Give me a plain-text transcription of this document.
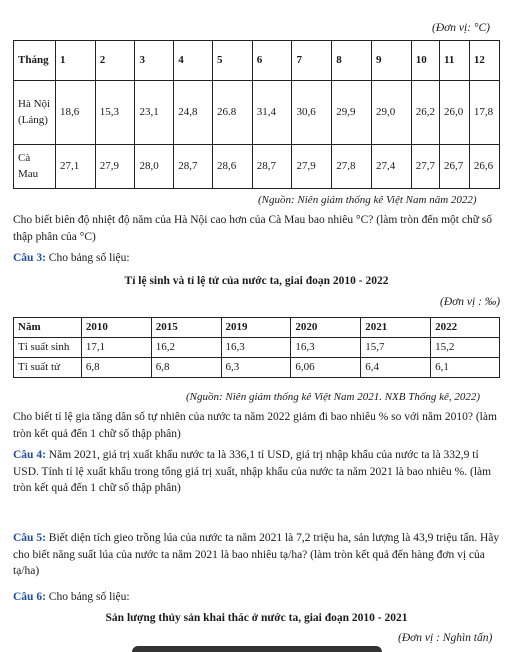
(Đơn vị: °C)
Tháng	1	2	3	4	5	6	7	8	9	10	11	12
Hà Nội (Láng)	18,6	15,3	23,1	24,8	26.8	31,4	30,6	29,9	29,0	26,2	26,0	17,8
Cà Mau	27,1	27,9	28,0	28,7	28,6	28,7	27,9	27,8	27,4	27,7	26,7	26,6
(Nguồn: Niên giám thống kê Việt Nam năm 2022)
Cho biết biên độ nhiệt độ năm của Hà Nội cao hơn của Cà Mau bao nhiêu °C? (làm tròn đến một chữ số thập phân của °C)
Câu 3: Cho bảng số liệu:
Tỉ lệ sinh và tỉ lệ tử của nước ta, giai đoạn 2010 - 2022
(Đơn vị : ‰)
Năm	2010	2015	2019	2020	2021	2022
Tỉ suất sinh	17,1	16,2	16,3	16,3	15,7	15,2
Tỉ suất tử	6,8	6,8	6,3	6,06	6,4	6,1
(Nguồn: Niên giám thống kê Việt Nam 2021. NXB Thống kê, 2022)
Cho biết tỉ lệ gia tăng dân số tự nhiên của nước ta năm 2022 giảm đi bao nhiêu % so với năm 2010? (làm tròn kết quả đến 1 chữ số thập phân)
Câu 4: Năm 2021, giá trị xuất khẩu nước ta là 336,1 tỉ USD, giá trị nhập khẩu của nước ta là 332,9 tỉ USD. Tính tỉ lệ xuất khẩu trong tổng giá trị xuất, nhập khẩu của nước ta năm 2021 là bao nhiêu %. (làm tròn kết quả đến 1 chữ số thập phân)
Câu 5: Biết diện tích gieo trồng lúa của nước ta năm 2021 là 7,2 triệu ha, sản lượng là 43,9 triệu tấn. Hãy cho biết năng suất lúa của nước ta năm 2021 là bao nhiêu tạ/ha? (làm tròn kết quả đến hàng đơn vị của tạ/ha)
Câu 6: Cho bảng số liệu:
Sản lượng thủy sản khai thác ở nước ta, giai đoạn 2010 - 2021
(Đơn vị : Nghìn tấn)
